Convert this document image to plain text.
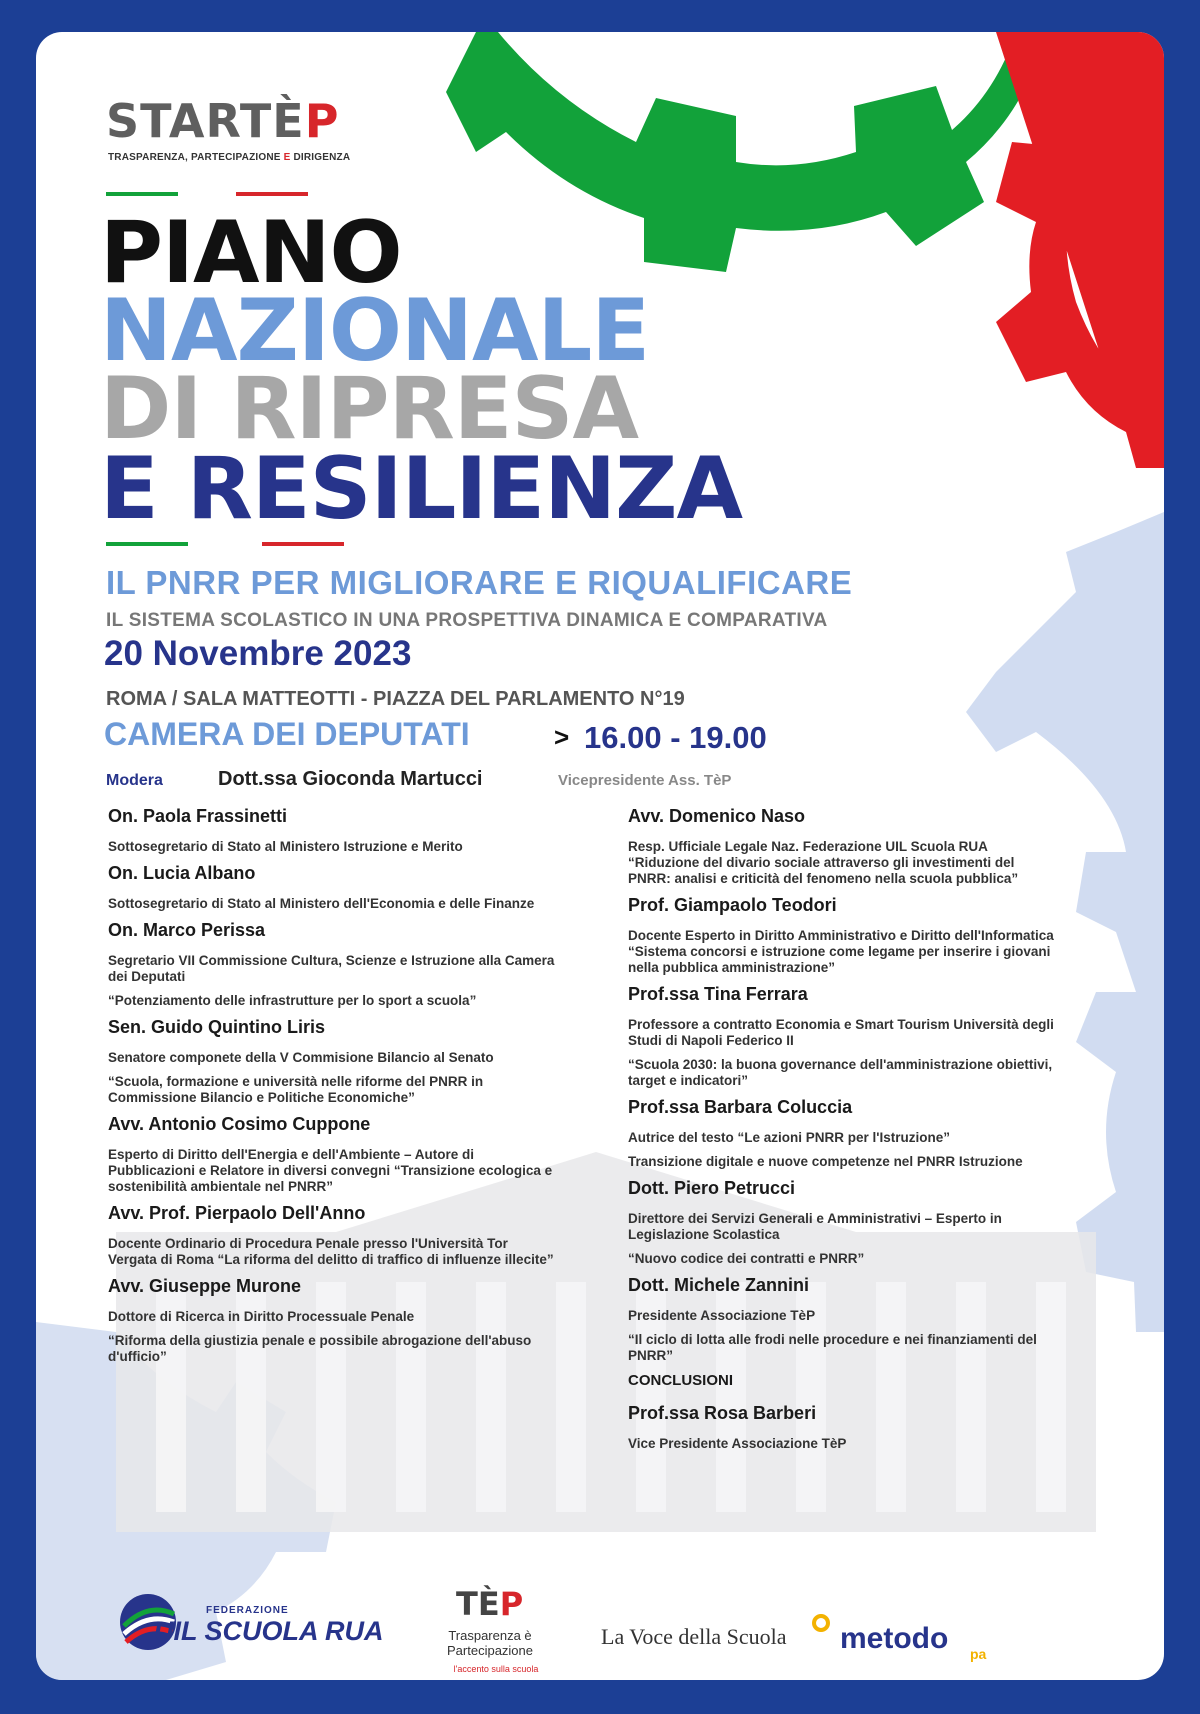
STARTÈP
TRASPARENZA, PARTECIPAZIONE E DIRIGENZA
PIANO
NAZIONALE
DI RIPRESA
E RESILIENZA
IL PNRR PER MIGLIORARE E RIQUALIFICARE
IL SISTEMA SCOLASTICO IN UNA PROSPETTIVA DINAMICA E COMPARATIVA
20 Novembre 2023
ROMA / SALA MATTEOTTI - PIAZZA DEL PARLAMENTO N°19
CAMERA DEI DEPUTATI	> 16.00 - 19.00
Modera	Dott.ssa Gioconda Martucci	Vicepresidente Ass. TèP
On. Paola Frassinetti
Sottosegretario di Stato al Ministero Istruzione e Merito
On. Lucia Albano
Sottosegretario di Stato al Ministero dell'Economia e delle Finanze
On. Marco Perissa
Segretario VII Commissione Cultura, Scienze e Istruzione alla Camera dei Deputati
“Potenziamento delle infrastrutture per lo sport a scuola”
Sen. Guido Quintino Liris
Senatore componete della V Commisione Bilancio al Senato
“Scuola, formazione e università nelle riforme del PNRR in Commissione Bilancio e Politiche Economiche”
Avv. Antonio Cosimo Cuppone
Esperto di Diritto dell'Energia e dell'Ambiente – Autore di Pubblicazioni e Relatore in diversi convegni “Transizione ecologica e sostenibilità ambientale nel PNRR”
Avv. Prof. Pierpaolo Dell'Anno
Docente Ordinario di Procedura Penale presso l'Università Tor Vergata di Roma “La riforma del delitto di traffico di influenze illecite”
Avv. Giuseppe Murone
Dottore di Ricerca in Diritto Processuale Penale
“Riforma della giustizia penale e possibile abrogazione dell'abuso d'ufficio”
Avv. Domenico Naso
Resp. Ufficiale Legale Naz. Federazione UIL Scuola RUA “Riduzione del divario sociale attraverso gli investimenti del PNRR: analisi e criticità del fenomeno nella scuola pubblica”
Prof. Giampaolo Teodori
Docente Esperto in Diritto Amministrativo e Diritto dell'Informatica “Sistema concorsi e istruzione come legame per inserire i giovani nella pubblica amministrazione”
Prof.ssa Tina Ferrara
Professore a contratto Economia e Smart Tourism Università degli Studi di Napoli Federico II
“Scuola 2030: la buona governance dell'amministrazione obiettivi, target e indicatori”
Prof.ssa Barbara Coluccia
Autrice del testo “Le azioni PNRR per l'Istruzione”
Transizione digitale e nuove competenze nel PNRR Istruzione
Dott. Piero Petrucci
Direttore dei Servizi Generali e Amministrativi – Esperto in Legislazione Scolastica
“Nuovo codice dei contratti e PNRR”
Dott. Michele Zannini
Presidente Associazione TèP
“Il ciclo di lotta alle frodi nelle procedure e nei finanziamenti del PNRR”
CONCLUSIONI
Prof.ssa Rosa Barberi
Vice Presidente Associazione TèP
FEDERAZIONE
UIL SCUOLA RUA
TÈP
Trasparenza è Partecipazione
l'accento sulla scuola
La Voce della Scuola metodo pa
